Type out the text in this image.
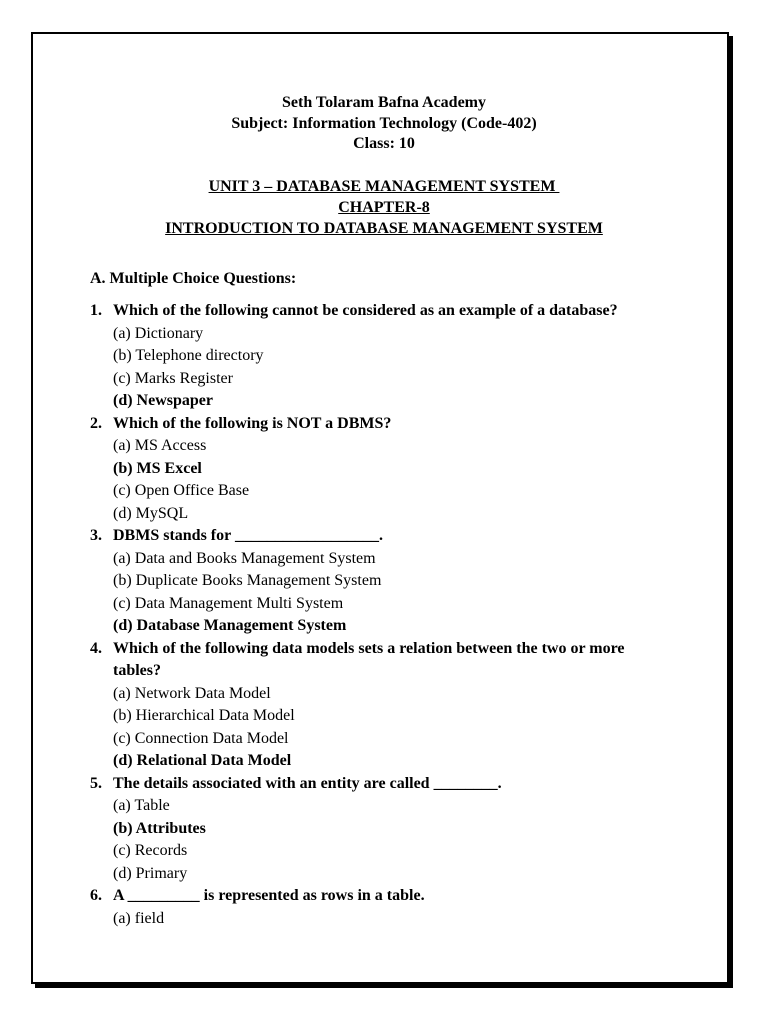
Seth Tolaram Bafna Academy
Subject: Information Technology (Code-402)
Class: 10
UNIT 3 – DATABASE MANAGEMENT SYSTEM
CHAPTER-8
INTRODUCTION TO DATABASE MANAGEMENT SYSTEM
A. Multiple Choice Questions:
1. Which of the following cannot be considered as an example of a database?
(a) Dictionary
(b) Telephone directory
(c) Marks Register
(d) Newspaper
2. Which of the following is NOT a DBMS?
(a) MS Access
(b) MS Excel
(c) Open Office Base
(d) MySQL
3. DBMS stands for __________________.
(a) Data and Books Management System
(b) Duplicate Books Management System
(c) Data Management Multi System
(d) Database Management System
4. Which of the following data models sets a relation between the two or more tables?
(a) Network Data Model
(b) Hierarchical Data Model
(c) Connection Data Model
(d) Relational Data Model
5. The details associated with an entity are called ________.
(a) Table
(b) Attributes
(c) Records
(d) Primary
6. A _________ is represented as rows in a table.
(a) field
